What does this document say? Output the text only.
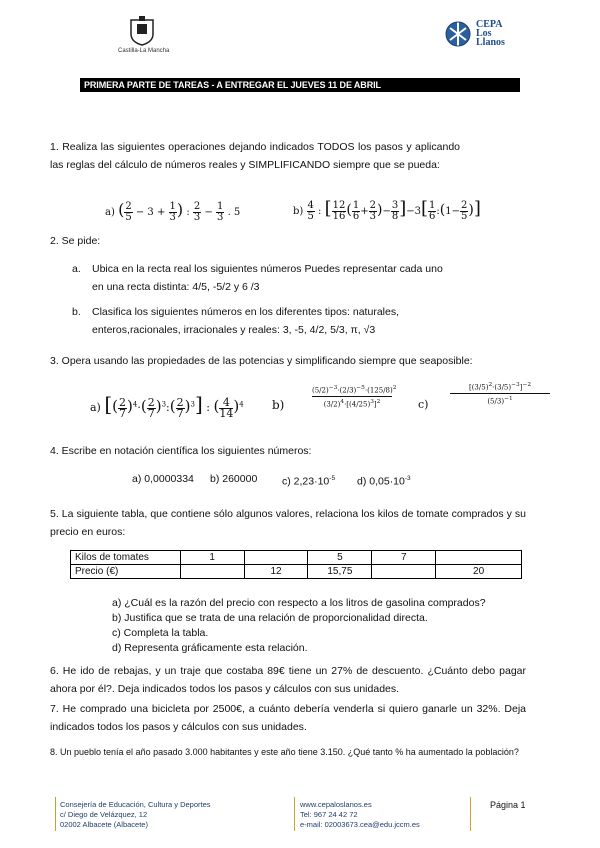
Castilla-La Mancha
CEPA
Los
Llanos
PRIMERA PARTE DE TAREAS - A ENTREGAR EL JUEVES 11 DE ABRIL
1. Realiza las siguientes operaciones dejando indicados TODOS los pasos y aplicando las reglas del cálculo de números reales y SIMPLIFICANDO siempre que se pueda:
a) ( $\frac{2}{5} - 3 + \frac{1}{3}$ ) : $\frac{2}{3} - \frac{1}{3}$ . 5	$b) \frac{4}{5}$ : [ $\frac{12}{16}$ ( $\frac{1}{6} + \frac{2}{3}$ )− $\frac{3}{8} ]-3[ \frac{1}{6}$ :(1− $\frac{2}{5}$ )]
2. Se pide:
a. Ubica en la recta real los siguientes números Puedes representar cada uno en una recta distinta: 4/5, -5/2 y 6 /3
b. Clasifica los siguientes números en los diferentes tipos: naturales, enteros,racionales, irracionales y reales: 3, -5, 4/2, 5/3, π, √3
3. Opera usando las propiedades de las potencias y simplificando siempre que seaposible:
a) [( $\frac{2}{7} )^4\cdot( \frac{2}{7}$ )$^3:( \frac{2}{7} )^3$] : ( $\frac{4}{14} )^4$	b)
$(5/2)^{-3}\cdot(2/3)^{-5}\cdot(125/8)^2$
$(3/2)^4\cdot[(4/25)^3]^2$	c)
$[(3/5)^2\cdot(3/5)^{-3}]^{-2}$
$(5/3)^{-1}$
4. Escribe en notación científica los siguientes números:
a) 0,0000334 b) 260000 c) $2,23\cdot 10^{-5}$ d) $0,05\cdot 10^{-3}$
5. La siguiente tabla, que contiene sólo algunos valores, relaciona los kilos de tomate comprados y su precio en euros:
Kilos de tomates	1		5	7	
Precio (€)		12	15,75		20
a) ¿Cuál es la razón del precio con respecto a los litros de gasolina comprados?
b) Justifica que se trata de una relación de proporcionalidad directa.
c) Completa la tabla.
d) Representa gráficamente esta relación.
6. He ido de rebajas, y un traje que costaba 89€ tiene un 27% de descuento. ¿Cuánto debo pagar ahora por él?. Deja indicados todos los pasos y cálculos con sus unidades.
7. He comprado una bicicleta por 2500€, a cuánto debería venderla si quiero ganarle un 32%. Deja indicados todos los pasos y cálculos con sus unidades.
8. Un pueblo tenía el año pasado 3.000 habitantes y este año tiene 3.150. ¿Qué tanto % ha aumentado la población?
Consejería de Educación, Cultura y Deportes
c/ Diego de Velázquez, 12
02002 Albacete (Albacete)
www.cepaloslanos.es
Tel: 967 24 42 72
e-mail: 02003673.cea@edu.jccm.es
Página 1
